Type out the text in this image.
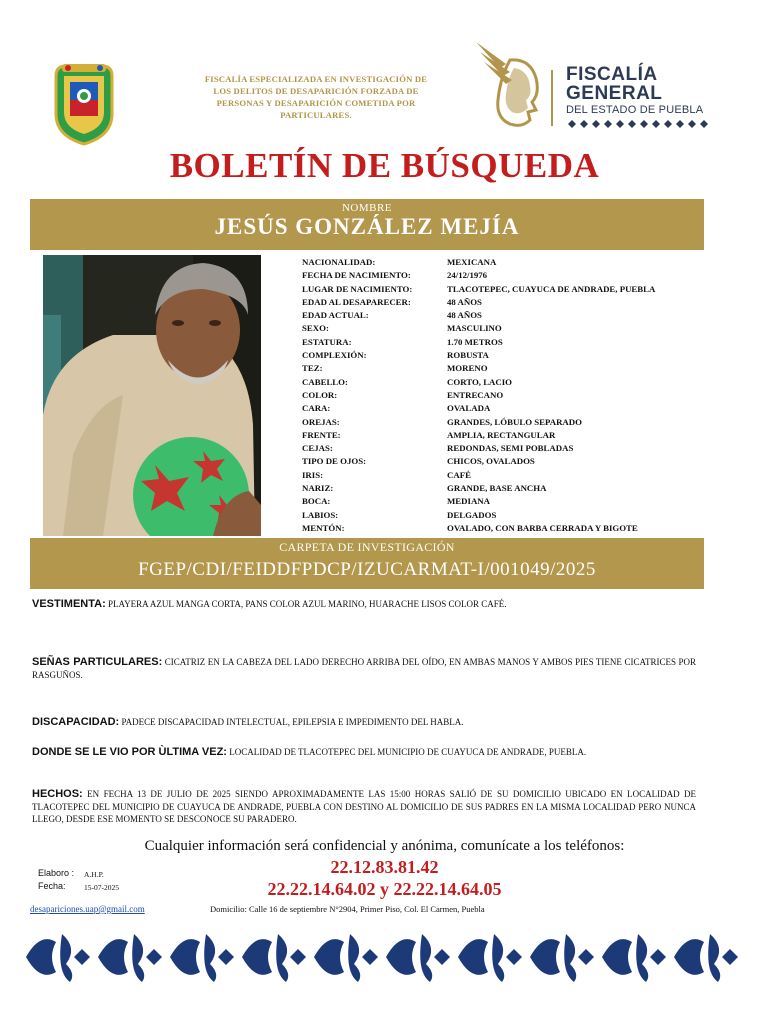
FISCALÍA ESPECIALIZADA EN INVESTIGACIÓN DE
LOS DELITOS DE DESAPARICIÓN FORZADA DE
PERSONAS Y DESAPARICIÓN COMETIDA POR
PARTICULARES.
FISCALÍA
GENERAL
DEL ESTADO DE PUEBLA
BOLETÍN DE BÚSQUEDA
NOMBRE
JESÚS GONZÁLEZ MEJÍA
NACIONALIDAD:	MEXICANA
FECHA DE NACIMIENTO:	24/12/1976
LUGAR DE NACIMIENTO:	TLACOTEPEC, CUAYUCA DE ANDRADE, PUEBLA
EDAD AL DESAPARECER:	48 AÑOS
EDAD ACTUAL:	48 AÑOS
SEXO:	MASCULINO
ESTATURA:	1.70 METROS
COMPLEXIÓN:	ROBUSTA
TEZ:	MORENO
CABELLO:	CORTO, LACIO
COLOR:	ENTRECANO
CARA:	OVALADA
OREJAS:	GRANDES, LÓBULO SEPARADO
FRENTE:	AMPLIA, RECTANGULAR
CEJAS:	REDONDAS, SEMI POBLADAS
TIPO DE OJOS:	CHICOS, OVALADOS
IRIS:	CAFÉ
NARIZ:	GRANDE, BASE ANCHA
BOCA:	MEDIANA
LABIOS:	DELGADOS
MENTÓN:	OVALADO, CON BARBA CERRADA Y BIGOTE
CARPETA DE INVESTIGACIÓN
FGEP/CDI/FEIDDFPDCP/IZUCARMAT-I/001049/2025
VESTIMENTA: PLAYERA AZUL MANGA CORTA, PANS COLOR AZUL MARINO, HUARACHE LISOS COLOR CAFÉ.
SEÑAS PARTICULARES: CICATRIZ EN LA CABEZA DEL LADO DERECHO ARRIBA DEL OÍDO, EN AMBAS MANOS Y AMBOS PIES TIENE CICATRICES POR RASGUÑOS.
DISCAPACIDAD: PADECE DISCAPACIDAD INTELECTUAL, EPILEPSIA E IMPEDIMENTO DEL HABLA.
DONDE SE LE VIO POR ÙLTIMA VEZ: LOCALIDAD DE TLACOTEPEC DEL MUNICIPIO DE CUAYUCA DE ANDRADE, PUEBLA.
HECHOS: EN FECHA 13 DE JULIO DE 2025 SIENDO APROXIMADAMENTE LAS 15:00 HORAS SALIÓ DE SU DOMICILIO UBICADO EN LOCALIDAD DE TLACOTEPEC DEL MUNICIPIO DE CUAYUCA DE ANDRADE, PUEBLA CON DESTINO AL DOMICILIO DE SUS PADRES EN LA MISMA LOCALIDAD PERO NUNCA LLEGO, DESDE ESE MOMENTO SE DESCONOCE SU PARADERO.
Cualquier información será confidencial y anónima, comunícate a los teléfonos:
22.12.83.81.42
22.22.14.64.02 y 22.22.14.64.05
Elaboro : A.H.P.
Fecha: 15-07-2025
desapariciones.uap@gmail.com	Domicilio: Calle 16 de septiembre N°2904, Primer Piso, Col. El Carmen, Puebla
